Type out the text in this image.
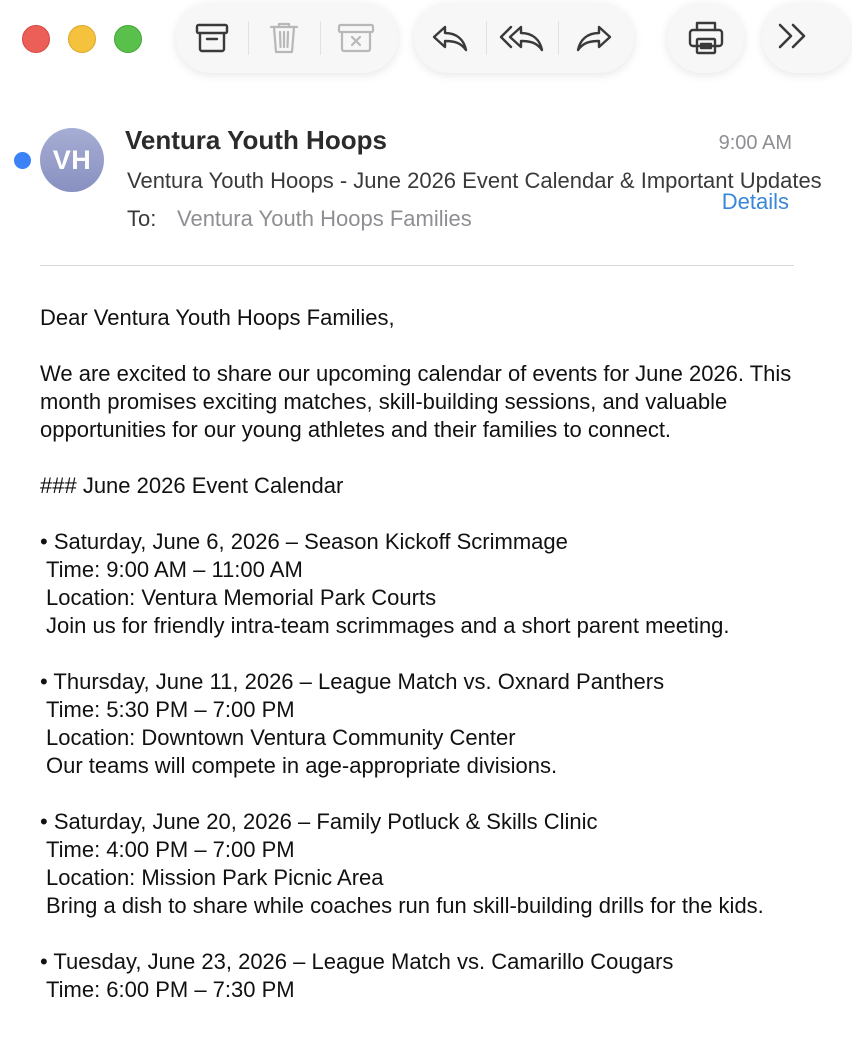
VH
Ventura Youth Hoops
Ventura Youth Hoops - June 2026 Event Calendar & Important Updates
To: Ventura Youth Hoops Families
9:00 AM
Details

Dear Ventura Youth Hoops Families,

We are excited to share our upcoming calendar of events for June 2026. This month promises exciting matches, skill-building sessions, and valuable opportunities for our young athletes and their families to connect.

### June 2026 Event Calendar

• Saturday, June 6, 2026 – Season Kickoff Scrimmage
Time: 9:00 AM – 11:00 AM
Location: Ventura Memorial Park Courts
Join us for friendly intra-team scrimmages and a short parent meeting.
• Thursday, June 11, 2026 – League Match vs. Oxnard Panthers
Time: 5:30 PM – 7:00 PM
Location: Downtown Ventura Community Center
Our teams will compete in age-appropriate divisions.
• Saturday, June 20, 2026 – Family Potluck & Skills Clinic
Time: 4:00 PM – 7:00 PM
Location: Mission Park Picnic Area
Bring a dish to share while coaches run fun skill-building drills for the kids.
• Tuesday, June 23, 2026 – League Match vs. Camarillo Cougars
Time: 6:00 PM – 7:30 PM
